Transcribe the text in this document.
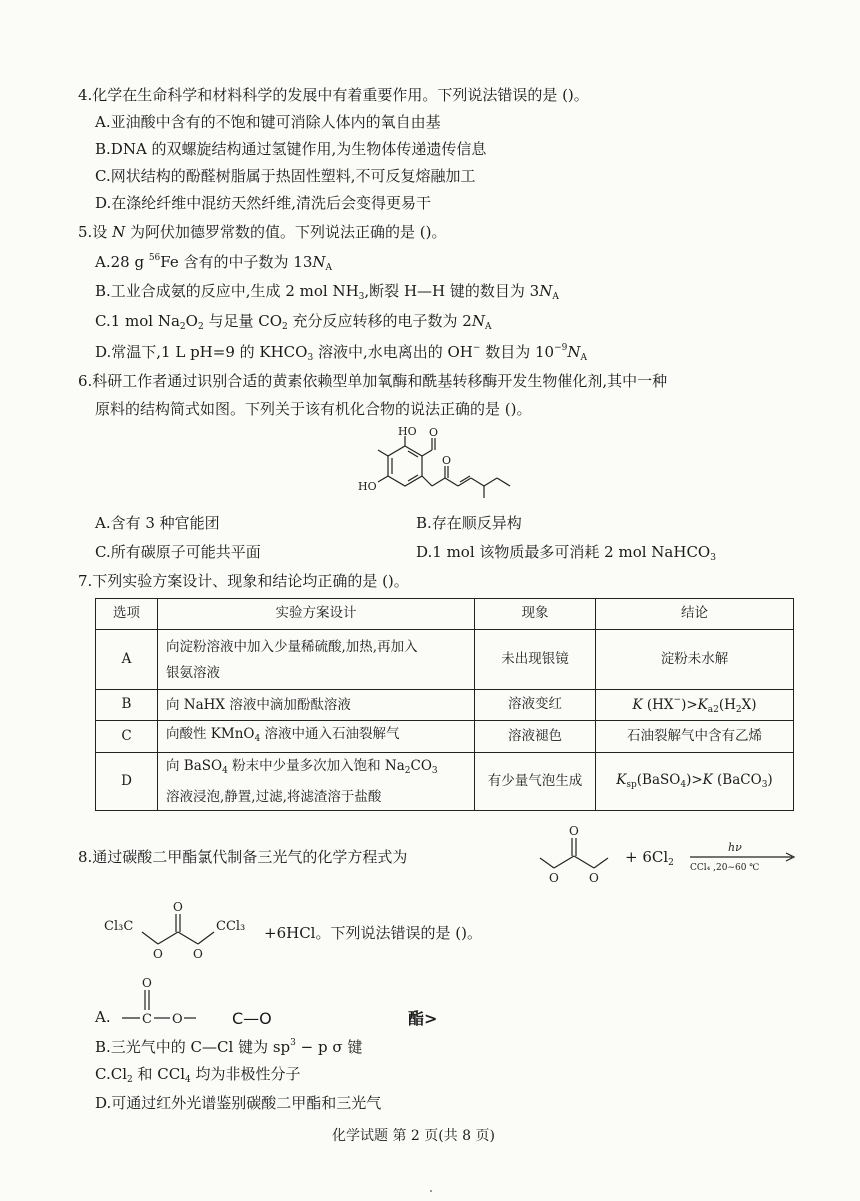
4.化学在生命科学和材料科学的发展中有着重要作用。下列说法错误的是 ()。
A.亚油酸中含有的不饱和键可消除人体内的氧自由基
B.DNA 的双螺旋结构通过氢键作用,为生物体传递遗传信息
C.网状结构的酚醛树脂属于热固性塑料,不可反复熔融加工
D.在涤纶纤维中混纺天然纤维,清洗后会变得更易干
5.设 N 为阿伏加德罗常数的值。下列说法正确的是 ()。
A.28 g $^{56}$Fe 含有的中子数为 $13N_A$
B.工业合成氨的反应中,生成 2 mol $NH_3$,断裂 H—H 键的数目为 $3N_A$
C.1 mol $Na_2O_2$ 与足量 $CO_2$ 充分反应转移的电子数为 $2N_A$
D.常温下,1 L pH=9 的 $KHCO_3$ 溶液中,水电离出的 OH− 数目为 $10^{-9}N_A$
6.科研工作者通过识别合适的黄素依赖型单加氧酶和酰基转移酶开发生物催化剂,其中一种
原料的结构简式如图。下列关于该有机化合物的说法正确的是 ()。
HO
HO
O
O
A.含有 3 种官能团	B.存在顺反异构
C.所有碳原子可能共平面	D.1 mol 该物质最多可消耗 2 mol NaHCO$_3$
7.下列实验方案设计、现象和结论均正确的是 ()。
选项	实验方案设计	现象	结论
A	向淀粉溶液中加入少量稀硫酸,加热,再加入
银氨溶液	未出现银镜	淀粉未水解
B	向 NaHX 溶液中滴加酚酞溶液	溶液变红	K $(HX^-)>K_{a2}(H_2X)$
C	向酸性 KMnO$_4$ 溶液中通入石油裂解气	溶液褪色	石油裂解气中含有乙烯
D	向 BaSO$_4$ 粉末中少量多次加入饱和 $Na_2CO_3$
溶液浸泡,静置,过滤,将滤渣溶于盐酸	有少量气泡生成	$K_{sp}(BaSO_4)>K$ (BaCO$_3$)
8.通过碳酸二甲酯氯代制备三光气的化学方程式为
O
O	O
+ $6Cl_2$
hν
CCl₄ ,20∼60 ℃
Cl₃C	CCl₃
O
O	O
+6HCl。下列说法错误的是 ()。
A.
O
C O	C—O	酯>
B.三光气中的 C—Cl 键为 $sp^3 - p$ σ 键
$C.Cl_2$ 和 CCl$_4$ 均为非极性分子
D.可通过红外光谱鉴别碳酸二甲酯和三光气
化学试题 第 2 页(共 8 页)
